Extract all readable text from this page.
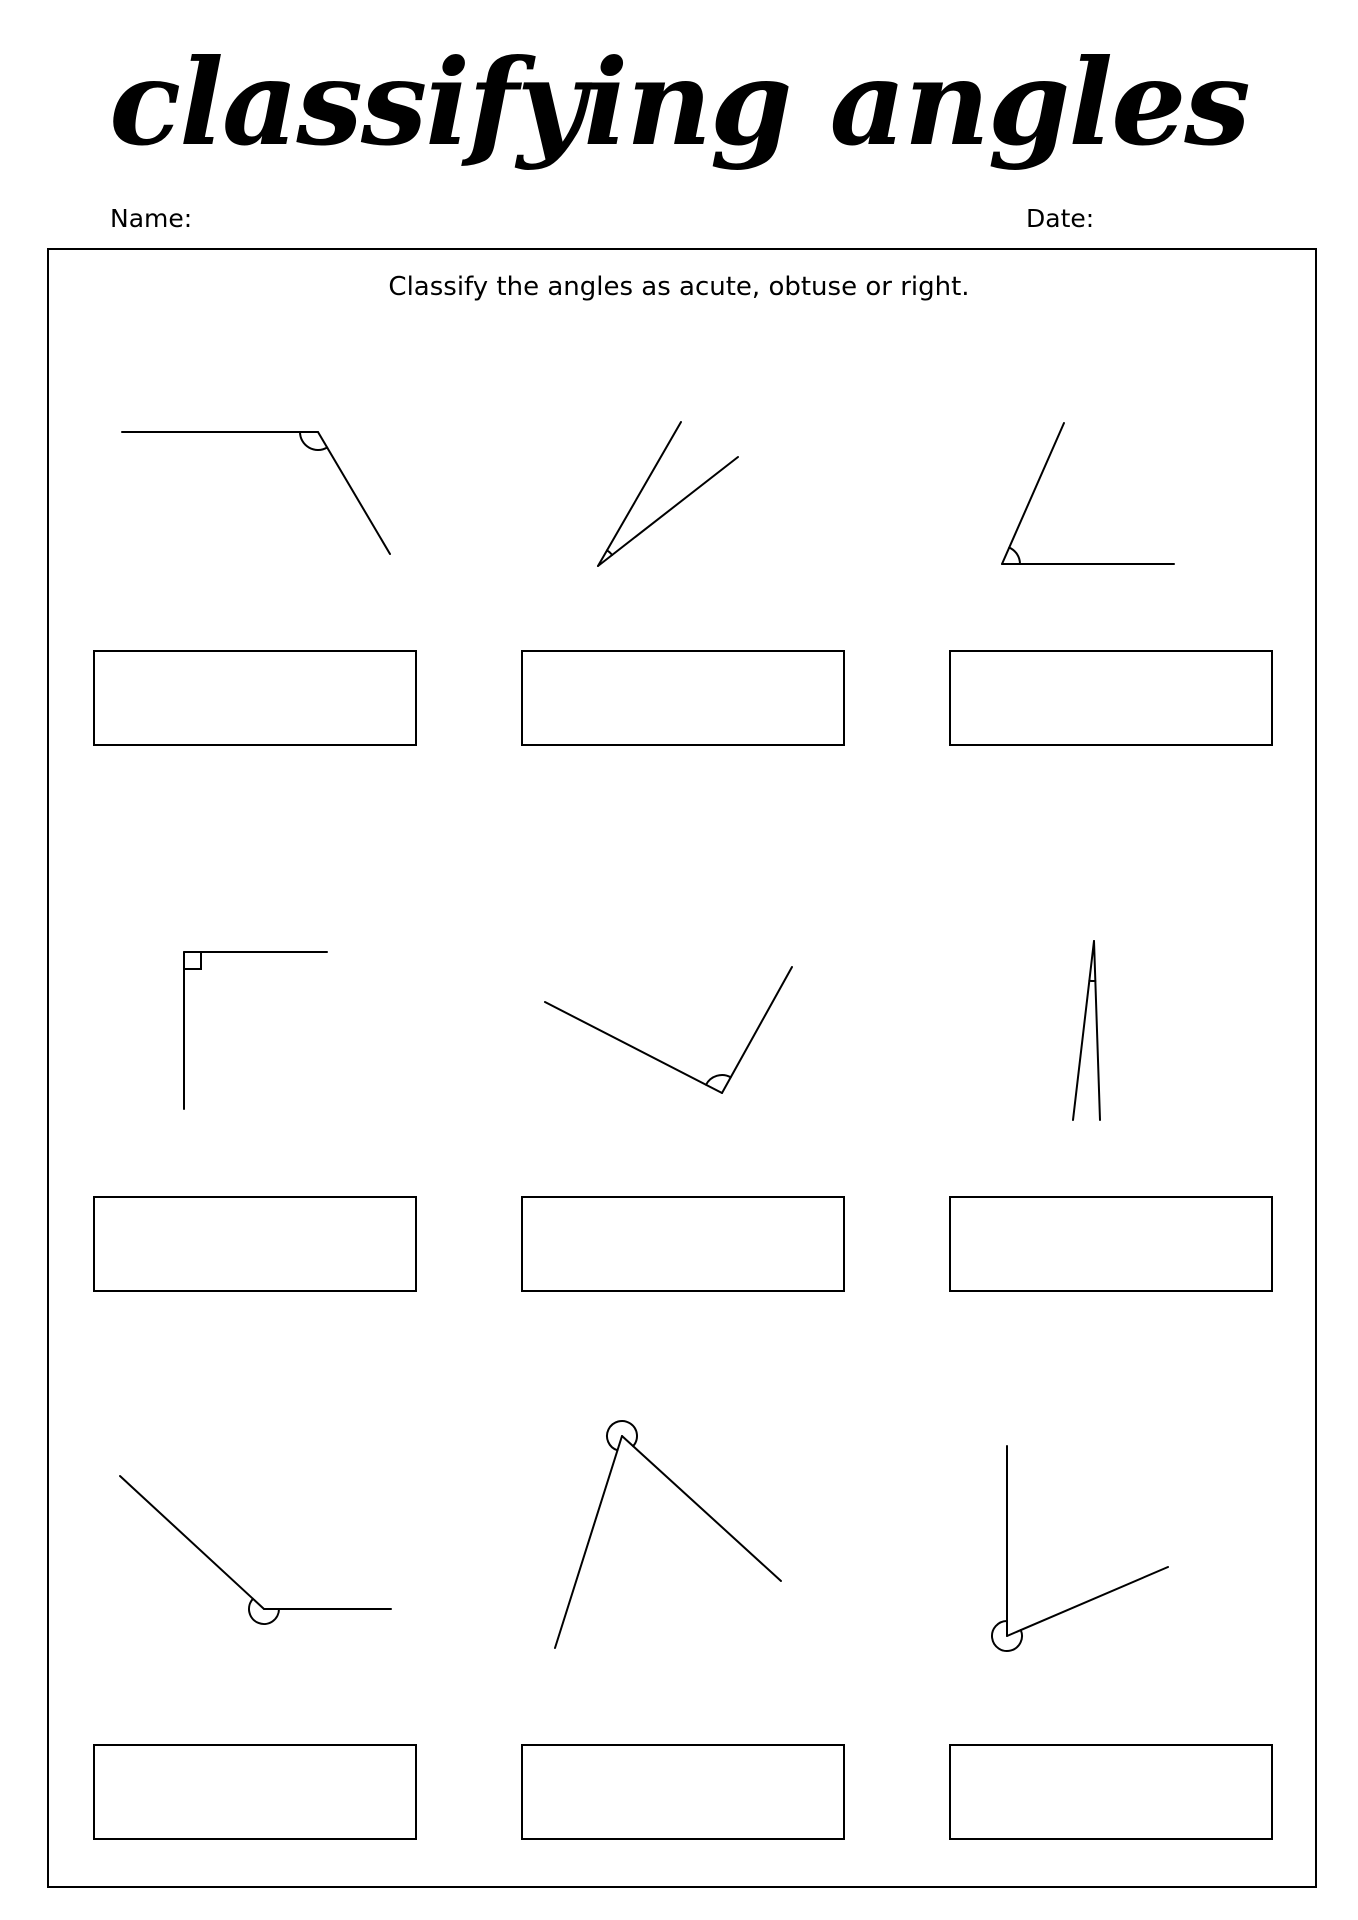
classifying angles
Name:	Date:
Classify the angles as acute, obtuse or right.
